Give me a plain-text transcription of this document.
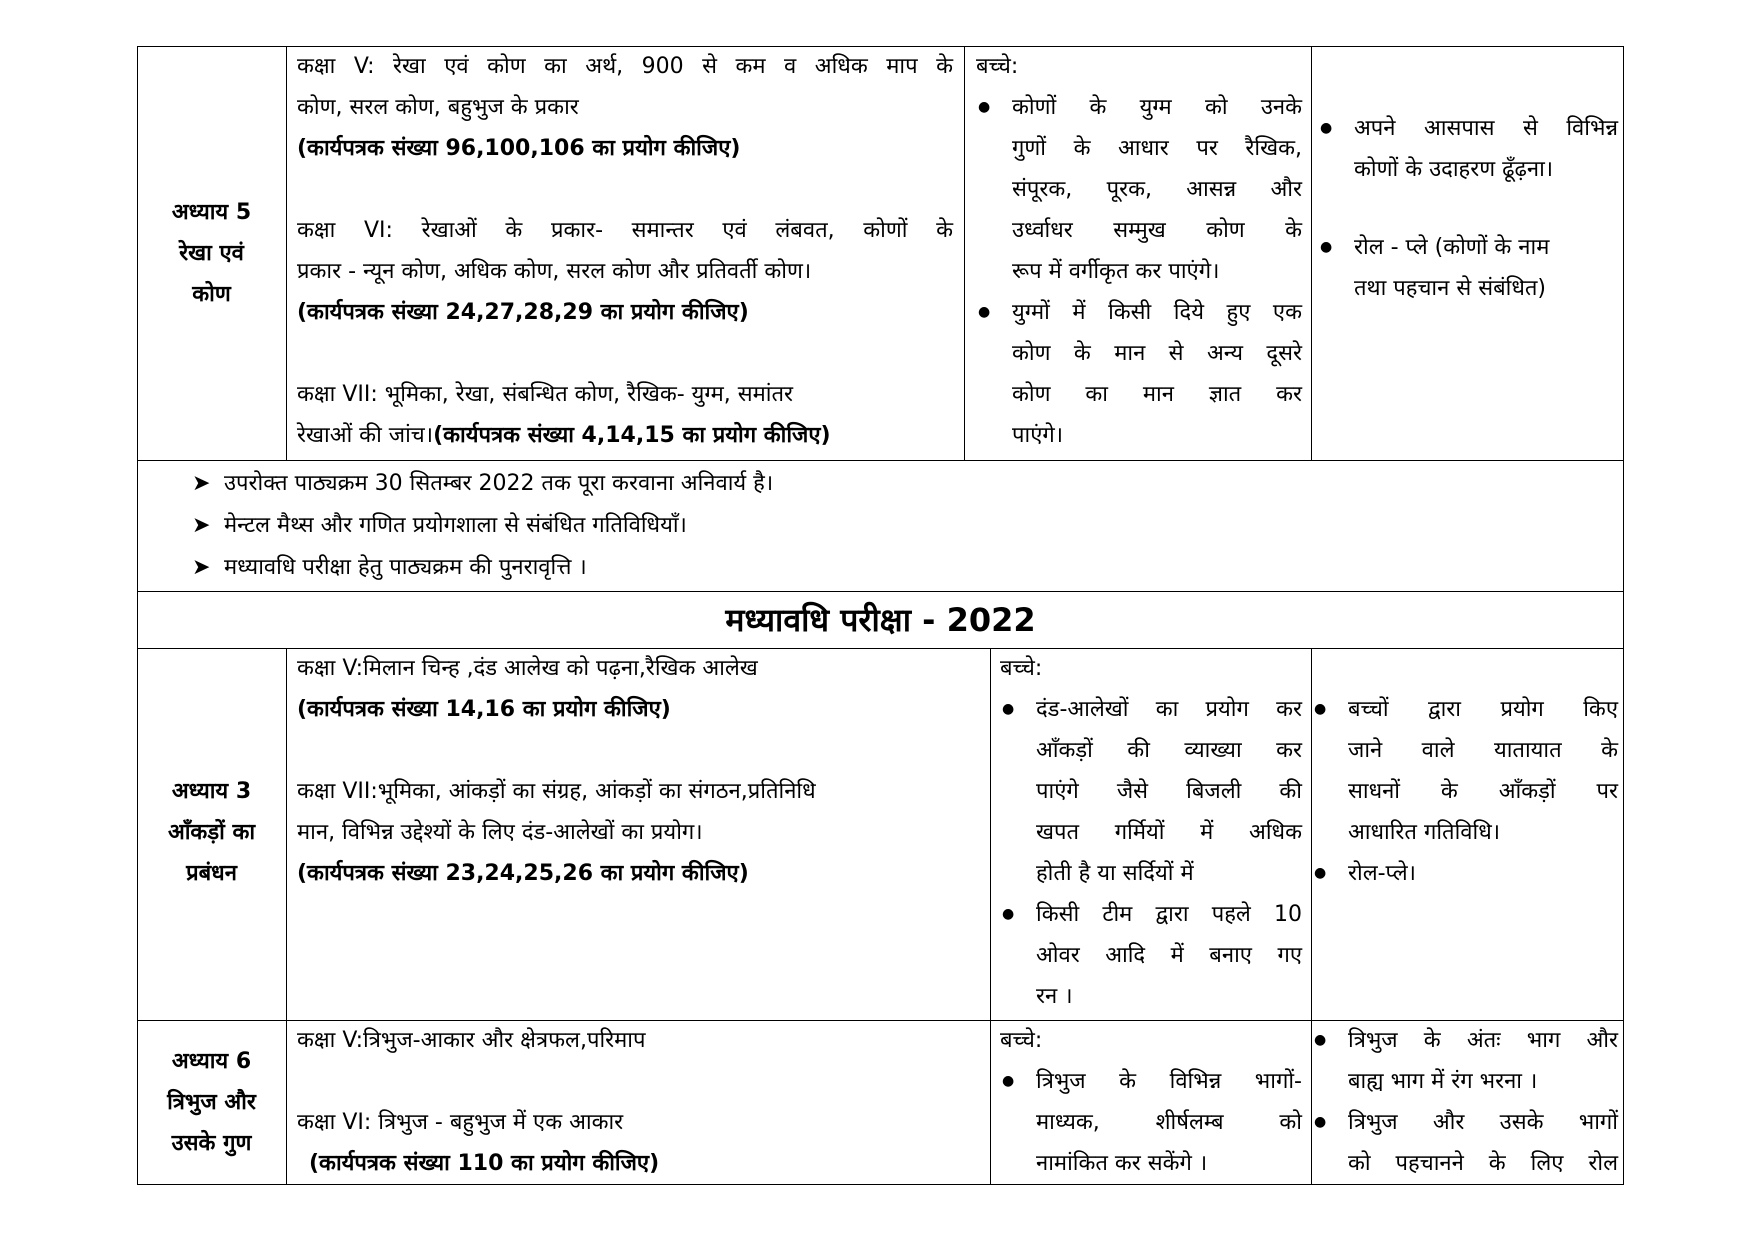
अध्याय 5
रेखा एवं
कोण

कक्षा V: रेखा एवं कोण का अर्थ, 900 से कम व अधिक माप के

कोण, सरल कोण, बहुभुज के प्रकार

(कार्यपत्रक संख्या 96,100,106 का प्रयोग कीजिए)

कक्षा VI: रेखाओं के प्रकार- समान्तर एवं लंबवत, कोणों के

प्रकार - न्यून कोण, अधिक कोण, सरल कोण और प्रतिवर्ती कोण।

(कार्यपत्रक संख्या 24,27,28,29 का प्रयोग कीजिए)

कक्षा VII: भूमिका, रेखा, संबन्धित कोण, रैखिक- युग्म, समांतर

रेखाओं की जांच।(कार्यपत्रक संख्या 4,14,15 का प्रयोग कीजिए)

बच्चे:

● कोणों के युग्म को उनके
गुणों के आधार पर रैखिक,
संपूरक, पूरक, आसन्न और
उर्ध्वाधर सम्मुख कोण के
रूप में वर्गीकृत कर पाएंगे।
● युग्मों में किसी दिये हुए एक
कोण के मान से अन्य दूसरे
कोण का मान ज्ञात कर
पाएंगे।
● अपने आसपास से विभिन्न
कोणों के उदाहरण ढूँढ़ना।
● रोल - प्ले (कोणों के नाम
तथा पहचान से संबंधित)
➤ उपरोक्त पाठ्यक्रम 30 सितम्बर 2022 तक पूरा करवाना अनिवार्य है।
➤ मेन्टल मैथ्स और गणित प्रयोगशाला से संबंधित गतिविधियाँ।
➤ मध्यावधि परीक्षा हेतु पाठ्यक्रम की पुनरावृत्ति ।
मध्यावधि परीक्षा - 2022
अध्याय 3
आँकड़ों का
प्रबंधन

कक्षा V:मिलान चिन्ह ,दंड आलेख को पढ़ना,रैखिक आलेख

(कार्यपत्रक संख्या 14,16 का प्रयोग कीजिए)

कक्षा VII:भूमिका, आंकड़ों का संग्रह, आंकड़ों का संगठन,प्रतिनिधि

मान, विभिन्न उद्देश्यों के लिए दंड-आलेखों का प्रयोग।

(कार्यपत्रक संख्या 23,24,25,26 का प्रयोग कीजिए)

बच्चे:

● दंड-आलेखों का प्रयोग कर
आँकड़ों की व्याख्या कर
पाएंगे जैसे बिजली की
खपत गर्मियों में अधिक
होती है या सर्दियों में
● किसी टीम द्वारा पहले 10
ओवर आदि में बनाए गए
रन ।
● बच्चों द्वारा प्रयोग किए
जाने वाले यातायात के
साधनों के आँकड़ों पर
आधारित गतिविधि।
● रोल-प्ले।
अध्याय 6
त्रिभुज और
उसके गुण

कक्षा V:त्रिभुज-आकार और क्षेत्रफल,परिमाप

कक्षा VI: त्रिभुज - बहुभुज में एक आकार

(कार्यपत्रक संख्या 110 का प्रयोग कीजिए)

बच्चे:

● त्रिभुज के विभिन्न भागों-
माध्यक, शीर्षलम्ब को
नामांकित कर सकेंगे ।
● त्रिभुज के अंतः भाग और
बाह्य भाग में रंग भरना ।
● त्रिभुज और उसके भागों
को पहचानने के लिए रोल
